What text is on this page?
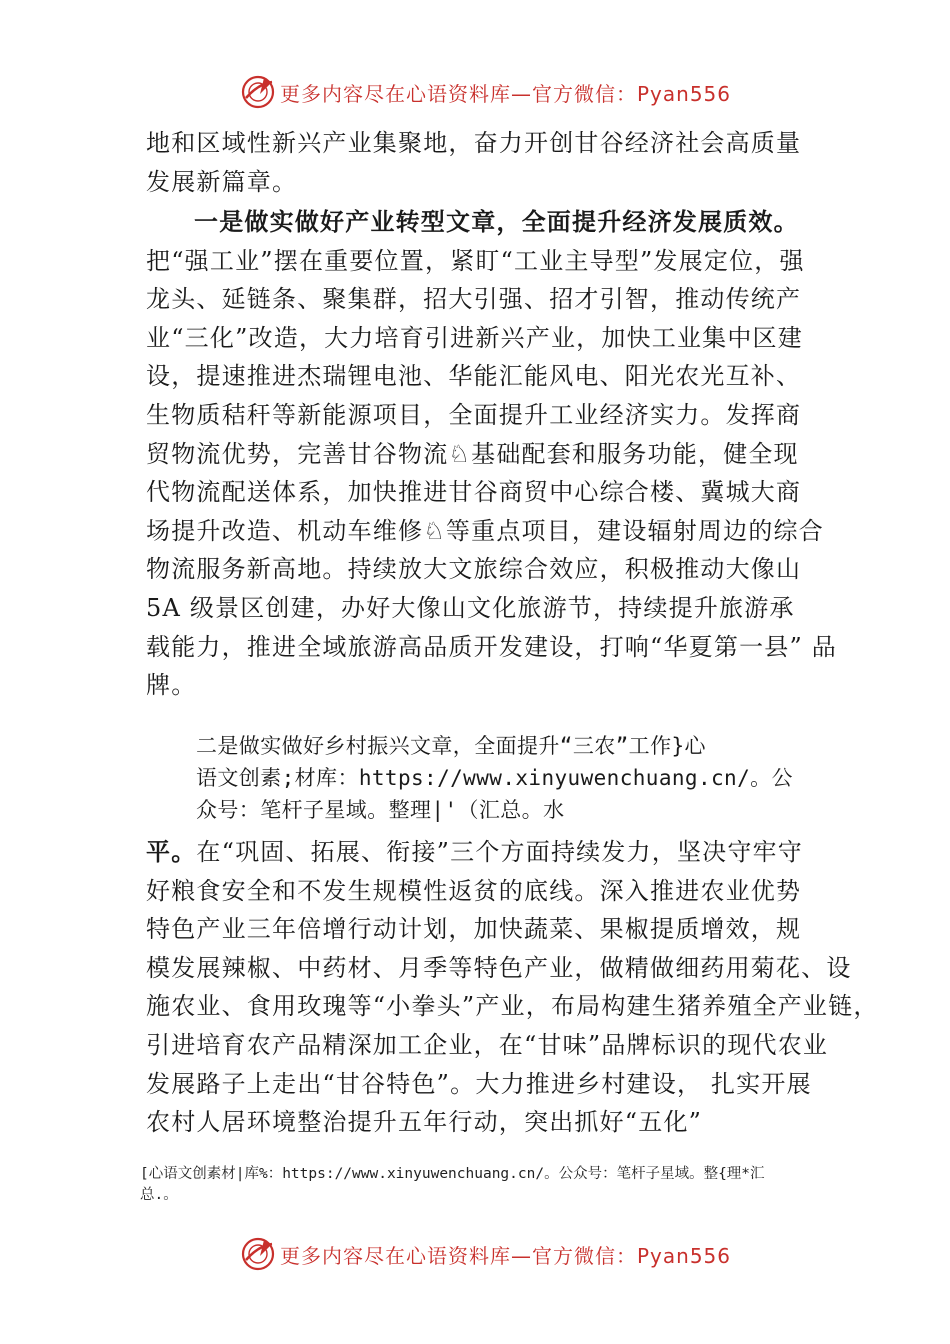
更多内容尽在心语资料库—官方微信：Pyan556
地和区域性新兴产业集聚地，奋力开创甘谷经济社会高质量
发展新篇章。
一是做实做好产业转型文章，全面提升经济发展质效。
把“强工业”摆在重要位置，紧盯“工业主导型”发展定位，强
龙头、延链条、聚集群，招大引强、招才引智，推动传统产
业“三化”改造，大力培育引进新兴产业，加快工业集中区建
设，提速推进杰瑞锂电池、华能汇能风电、阳光农光互补、
生物质秸秆等新能源项目，全面提升工业经济实力。发挥商
贸物流优势，完善甘谷物流♘基础配套和服务功能，健全现
代物流配送体系，加快推进甘谷商贸中心综合楼、冀城大商
场提升改造、机动车维修♘等重点项目，建设辐射周边的综合
物流服务新高地。持续放大文旅综合效应，积极推动大像山
5A 级景区创建，办好大像山文化旅游节，持续提升旅游承
载能力，推进全域旅游高品质开发建设，打响“华夏第一县” 品
牌。
二是做实做好乡村振兴文章，全面提升“三农”工作}心
语文创素;材库：https://www.xinyuwenchuang.cn/。公
众号：笔杆子星域。整理|'（汇总。水
平。在“巩固、拓展、衔接”三个方面持续发力，坚决守牢守
好粮食安全和不发生规模性返贫的底线。深入推进农业优势
特色产业三年倍增行动计划，加快蔬菜、果椒提质增效，规
模发展辣椒、中药材、月季等特色产业，做精做细药用菊花、设
施农业、食用玫瑰等“小拳头”产业，布局构建生猪养殖全产业链，
引进培育农产品精深加工企业，在“甘味”品牌标识的现代农业
发展路子上走出“甘谷特色”。大力推进乡村建设， 扎实开展
农村人居环境整治提升五年行动，突出抓好“五化”
[心语文创素材|库%：https://www.xinyuwenchuang.cn/。公众号：笔杆子星域。整{理*汇
总.。
更多内容尽在心语资料库—官方微信：Pyan556
